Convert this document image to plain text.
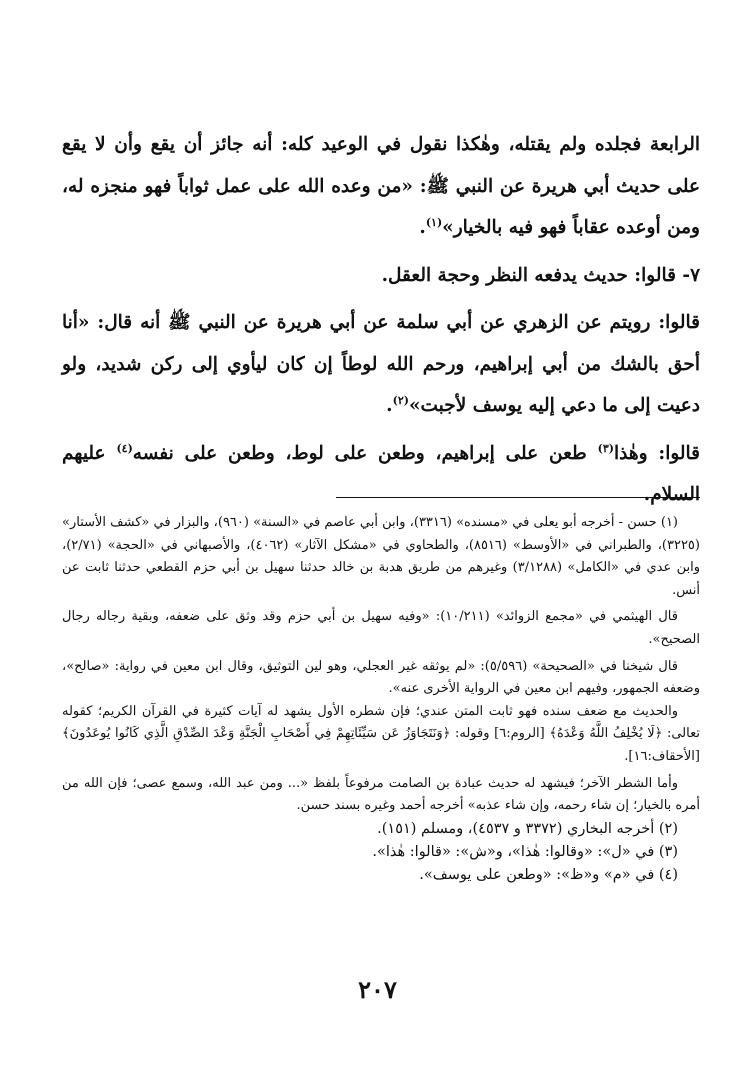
الرابعة فجلده ولم يقتله، وهٰكذا نقول في الوعيد كله: أنه جائز أن يقع وأن لا يقع على حديث أبي هريرة عن النبي ﷺ: «من وعده الله على عمل ثواباً فهو منجزه له، ومن أوعده عقاباً فهو فيه بالخيار»$^{(١)}$.

٧- قالوا: حديث يدفعه النظر وحجة العقل.

قالوا: رويتم عن الزهري عن أبي سلمة عن أبي هريرة عن النبي ﷺ أنه قال: «أنا أحق بالشك من أبي إبراهيم، ورحم الله لوطاً إن كان ليأوي إلى ركن شديد، ولو دعيت إلى ما دعي إليه يوسف لأجبت»$^{(٢)}$.

قالوا: وهٰذا$^{(٣)}$ طعن على إبراهيم، وطعن على لوط، وطعن على نفسه$^{(٤)}$ عليهم السلام.

(١) حسن - أخرجه أبو يعلى في «مسنده» (٣٣١٦)، وابن أبي عاصم في «السنة» (٩٦٠)، والبزار في «كشف الأستار» (٣٢٢٥)، والطبراني في «الأوسط» (٨٥١٦)، والطحاوي في «مشكل الآثار» (٤٠٦٢)، والأصبهاني في «الحجة» (٢/٧١)، وابن عدي في «الكامل» (٣/١٢٨٨) وغيرهم من طريق هدبة بن خالد حدثنا سهيل بن أبي حزم القطعي حدثنا ثابت عن أنس.

قال الهيثمي في «مجمع الزوائد» (١٠/٢١١): «وفيه سهيل بن أبي حزم وقد وثق على ضعفه، وبقية رجاله رجال الصحيح».

قال شيخنا في «الصحيحة» (٥/٥٩٦): «لم يوثقه غير العجلي، وهو لين التوثيق، وقال ابن معين في رواية: «صالح»، وضعفه الجمهور، وفيهم ابن معين في الرواية الأخرى عنه».

والحديث مع ضعف سنده فهو ثابت المتن عندي؛ فإن شطره الأول يشهد له آيات كثيرة في القرآن الكريم؛ كقوله تعالى: ﴿لَا يُخْلِفُ اللَّهُ وَعْدَهُ﴾ [الروم:٦] وقوله: ﴿وَنَتَجَاوَزُ عَن سَيِّئَاتِهِمْ فِي أَصْحَابِ الْجَنَّةِ وَعْدَ الصِّدْقِ الَّذِي كَانُوا يُوعَدُونَ﴾ [الأحقاف:١٦].

وأما الشطر الآخر؛ فيشهد له حديث عبادة بن الصامت مرفوعاً بلفظ «... ومن عبد الله، وسمع عصى؛ فإن الله من أمره بالخيار؛ إن شاء رحمه، وإن شاء عذبه» أخرجه أحمد وغيره بسند حسن.

(٢) أخرجه البخاري (٣٣٧٢ و ٤٥٣٧)، ومسلم (١٥١).

(٣) في «ل»: «وقالوا: هٰذا»، و«ش»: «قالوا: هٰذا».

(٤) في «م» و«ظ»: «وطعن على يوسف».

٢٠٧
